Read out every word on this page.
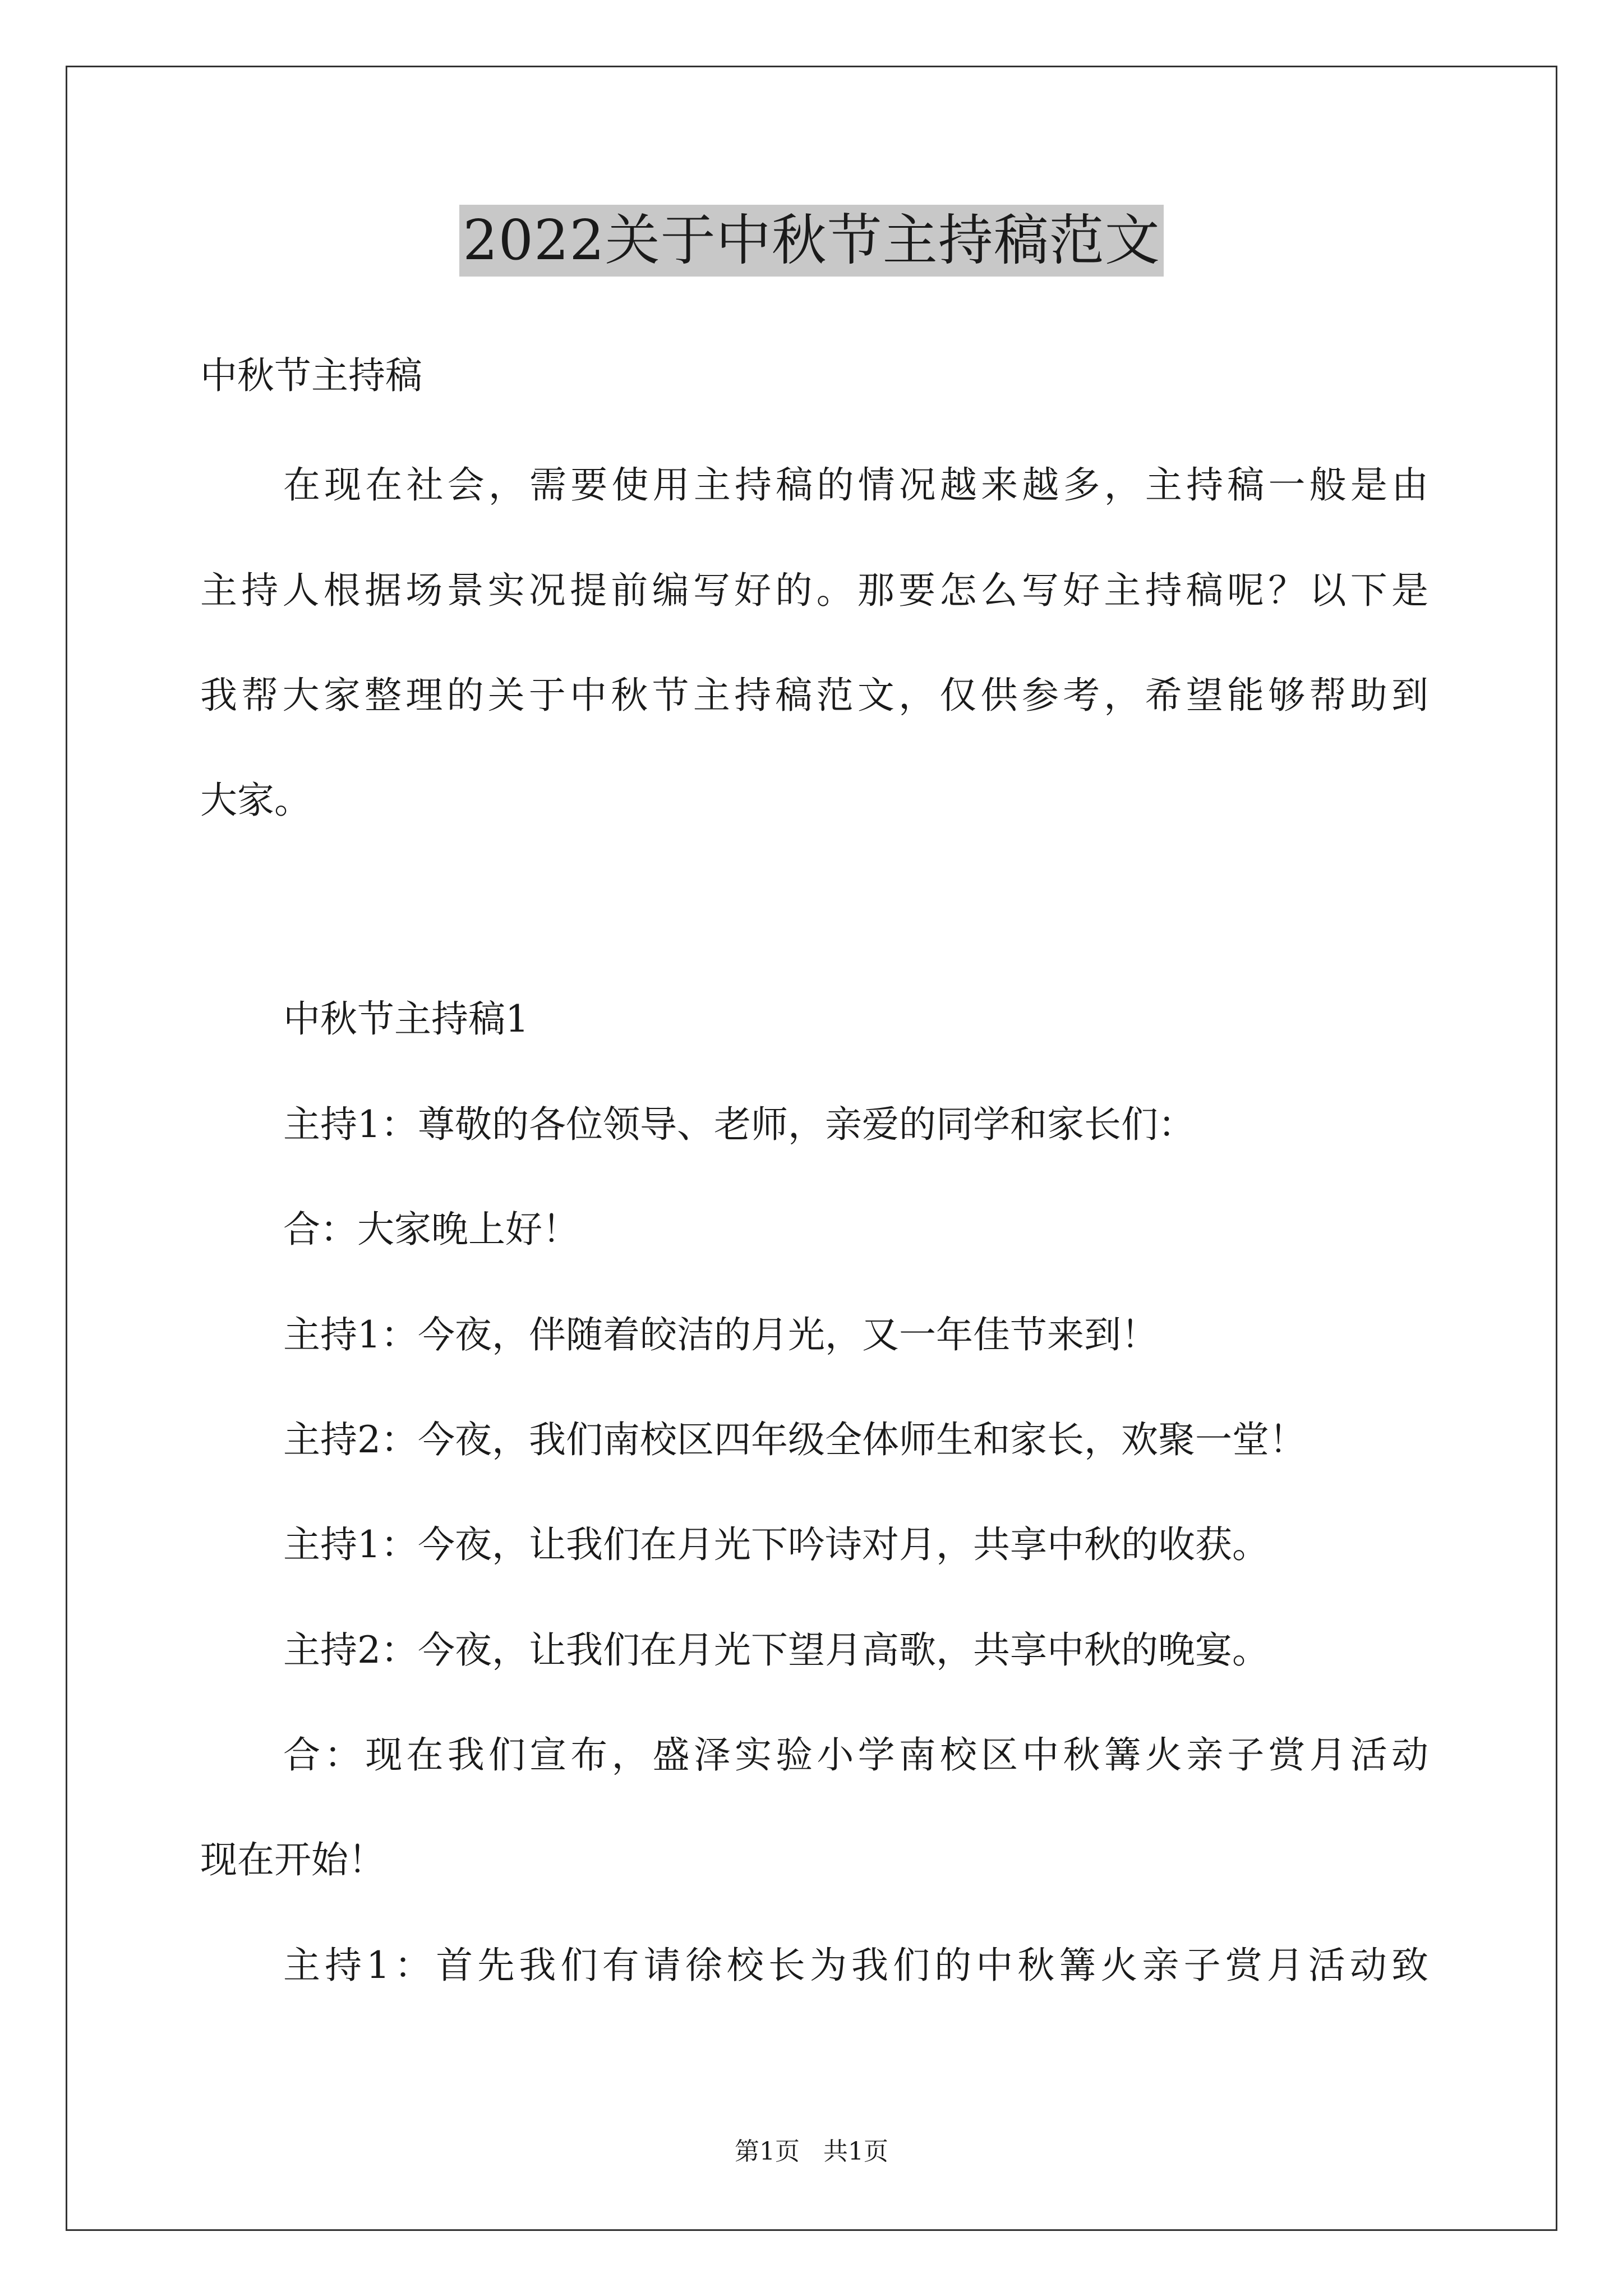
2022关于中秋节主持稿范文
中秋节主持稿
在现在社会，需要使用主持稿的情况越来越多，主持稿一般是由
主持人根据场景实况提前编写好的。那要怎么写好主持稿呢？以下是
我帮大家整理的关于中秋节主持稿范文，仅供参考，希望能够帮助到
大家。
中秋节主持稿1
主持1：尊敬的各位领导、老师，亲爱的同学和家长们：
合：大家晚上好！
主持1：今夜，伴随着皎洁的月光，又一年佳节来到！
主持2：今夜，我们南校区四年级全体师生和家长，欢聚一堂！
主持1：今夜，让我们在月光下吟诗对月，共享中秋的收获。
主持2：今夜，让我们在月光下望月高歌，共享中秋的晚宴。
合：现在我们宣布，盛泽实验小学南校区中秋篝火亲子赏月活动
现在开始！
主持1：首先我们有请徐校长为我们的中秋篝火亲子赏月活动致
第1页   共1页
